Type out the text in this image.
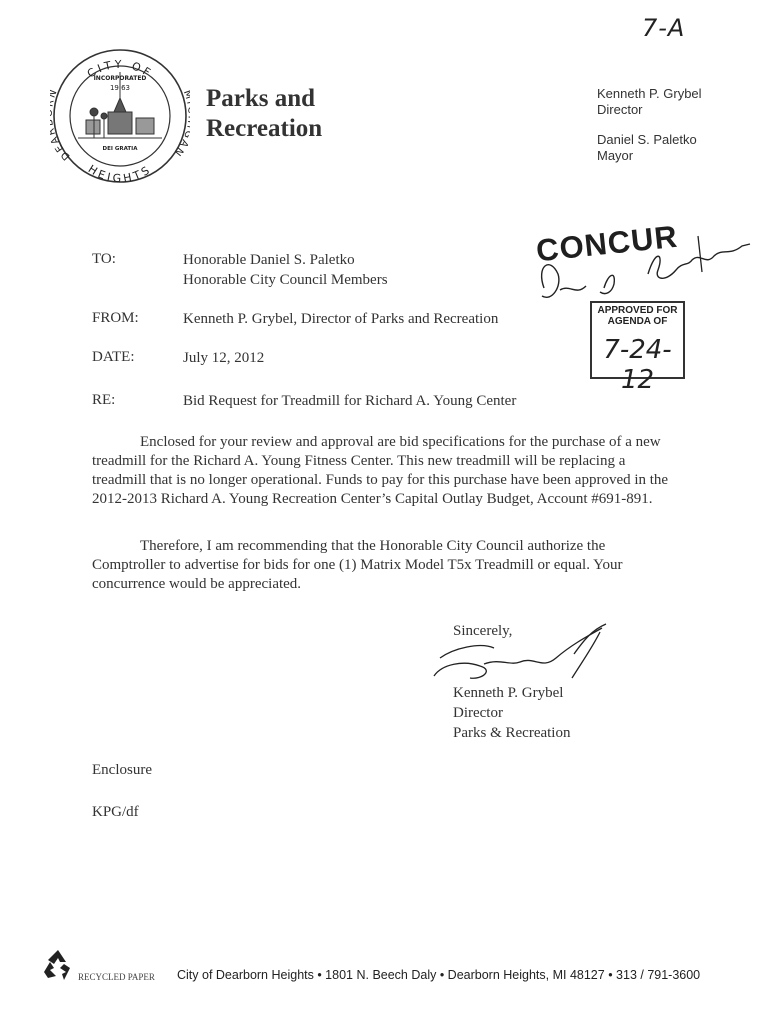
7-A
CITY OF
HEIGHTS
DE	AN
INCORPORATED
19 63
DEI GRATIA
Parks and
Recreation
Kenneth P. Grybel
Director
Daniel S. Paletko
Mayor
TO:	Honorable Daniel S. Paletko
Honorable City Council Members
FROM:	Kenneth P. Grybel, Director of Parks and Recreation
DATE:	July 12, 2012
RE:	Bid Request for Treadmill for Richard A. Young Center
CONCUR
APPROVED FOR
AGENDA OF
7-24-12
Enclosed for your review and approval are bid specifications for the purchase of a new treadmill for the Richard A. Young Fitness Center. This new treadmill will be replacing a treadmill that is no longer operational. Funds to pay for this purchase have been approved in the 2012-2013 Richard A. Young Recreation Center’s Capital Outlay Budget, Account #691-891.
Therefore, I am recommending that the Honorable City Council authorize the Comptroller to advertise for bids for one (1) Matrix Model T5x Treadmill or equal. Your concurrence would be appreciated.
Sincerely,
Kenneth P. Grybel
Director
Parks & Recreation
Enclosure
KPG/df
RECYCLED PAPER City of Dearborn Heights • 1801 N. Beech Daly • Dearborn Heights, MI 48127 • 313 / 791-3600
